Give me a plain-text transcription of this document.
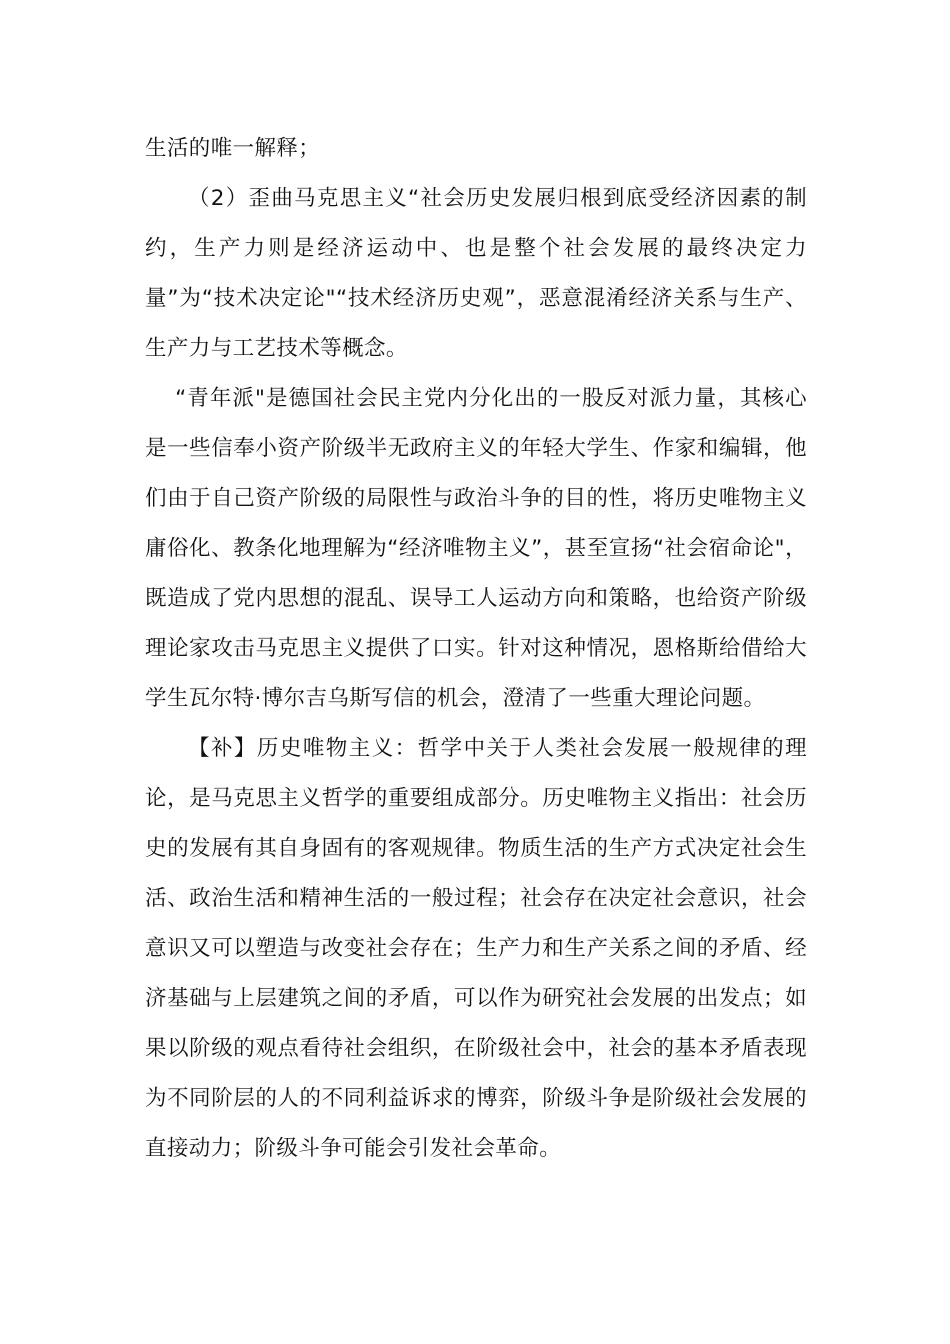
生活的唯一解释；

（2）歪曲马克思主义“社会历史发展归根到底受经济因素的制约，生产力则是经济运动中、也是整个社会发展的最终决定力量”为“技术决定论"“技术经济历史观”，恶意混淆经济关系与生产、生产力与工艺技术等概念。

“青年派"是德国社会民主党内分化出的一股反对派力量，其核心是一些信奉小资产阶级半无政府主义的年轻大学生、作家和编辑，他们由于自己资产阶级的局限性与政治斗争的目的性，将历史唯物主义庸俗化、教条化地理解为“经济唯物主义”，甚至宣扬“社会宿命论"，既造成了党内思想的混乱、误导工人运动方向和策略，也给资产阶级理论家攻击马克思主义提供了口实。针对这种情况，恩格斯给借给大学生瓦尔特·博尔吉乌斯写信的机会，澄清了一些重大理论问题。

【补】历史唯物主义：哲学中关于人类社会发展一般规律的理论，是马克思主义哲学的重要组成部分。历史唯物主义指出：社会历史的发展有其自身固有的客观规律。物质生活的生产方式决定社会生活、政治生活和精神生活的一般过程；社会存在决定社会意识，社会意识又可以塑造与改变社会存在；生产力和生产关系之间的矛盾、经济基础与上层建筑之间的矛盾，可以作为研究社会发展的出发点；如果以阶级的观点看待社会组织，在阶级社会中，社会的基本矛盾表现为不同阶层的人的不同利益诉求的博弈，阶级斗争是阶级社会发展的直接动力；阶级斗争可能会引发社会革命。
